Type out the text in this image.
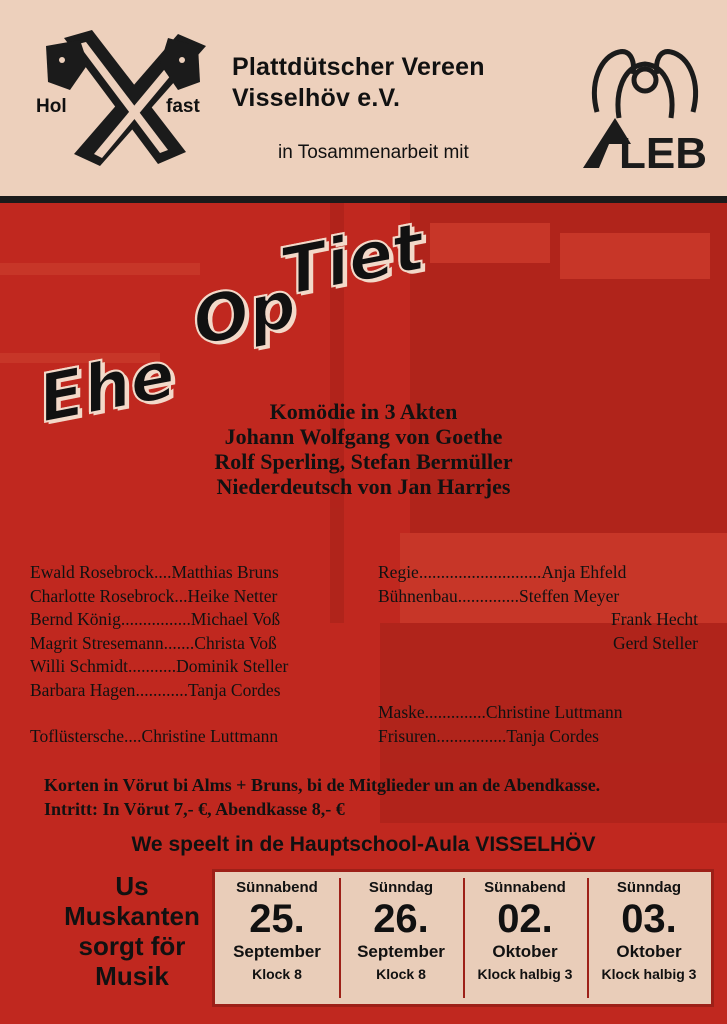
Hol	fast
Plattdütscher Vereen
Visselhöv e.V.
in Tosammenarbeit mit	LEB
Ehe
Op
Tiet
Komödie in 3 Akten
Johann Wolfgang von Goethe
Rolf Sperling, Stefan Bermüller
Niederdeutsch von Jan Harrjes
Ewald Rosebrock....Matthias Bruns
Charlotte Rosebrock...Heike Netter
Bernd König................Michael Voß
Magrit Stresemann.......Christa Voß
Willi Schmidt...........Dominik Steller
Barbara Hagen............Tanja Cordes
Toflüstersche....Christine Luttmann
Regie............................Anja Ehfeld
Bühnenbau..............Steffen Meyer
Frank Hecht
Gerd Steller
Maske..............Christine Luttmann
Frisuren................Tanja Cordes
Korten in Vörut bi Alms + Bruns, bi de Mitglieder un an de Abendkasse.
Intritt: In Vörut 7,- €, Abendkasse 8,- €
We speelt in de Hauptschool-Aula VISSELHÖV
Us Muskanten sorgt för Musik
Sünnabend
25.
September
Klock 8
Sünndag
26.
September
Klock 8
Sünnabend
02.
Oktober
Klock halbig 3
Sünndag
03.
Oktober
Klock halbig 3
